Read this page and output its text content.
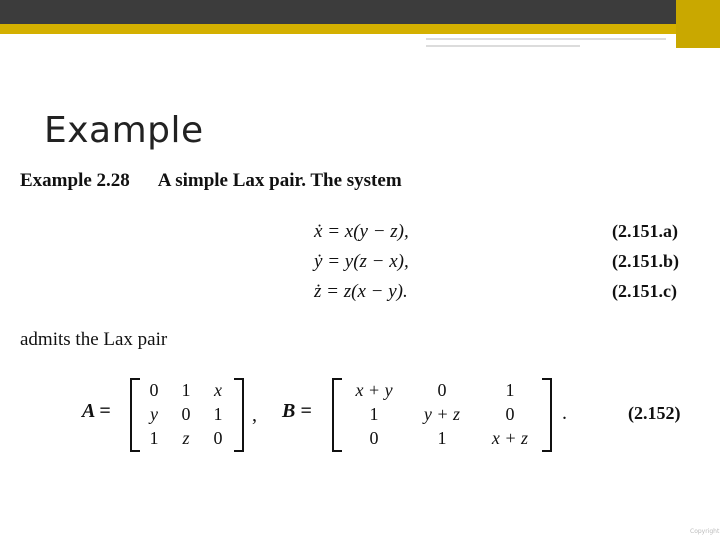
Example
Example 2.28 A simple Lax pair. The system
ẋ = x(y − z),	(2.151.a)
ẏ = y(z − x),	(2.151.b)
ż = z(x − y).	(2.151.c)
admits the Lax pair
A =
0	1	x
y	0	1
1	z	0
, B =
x + y	0	1
1	y + z	0
0	1	x + z
.	(2.152)
Copyright
